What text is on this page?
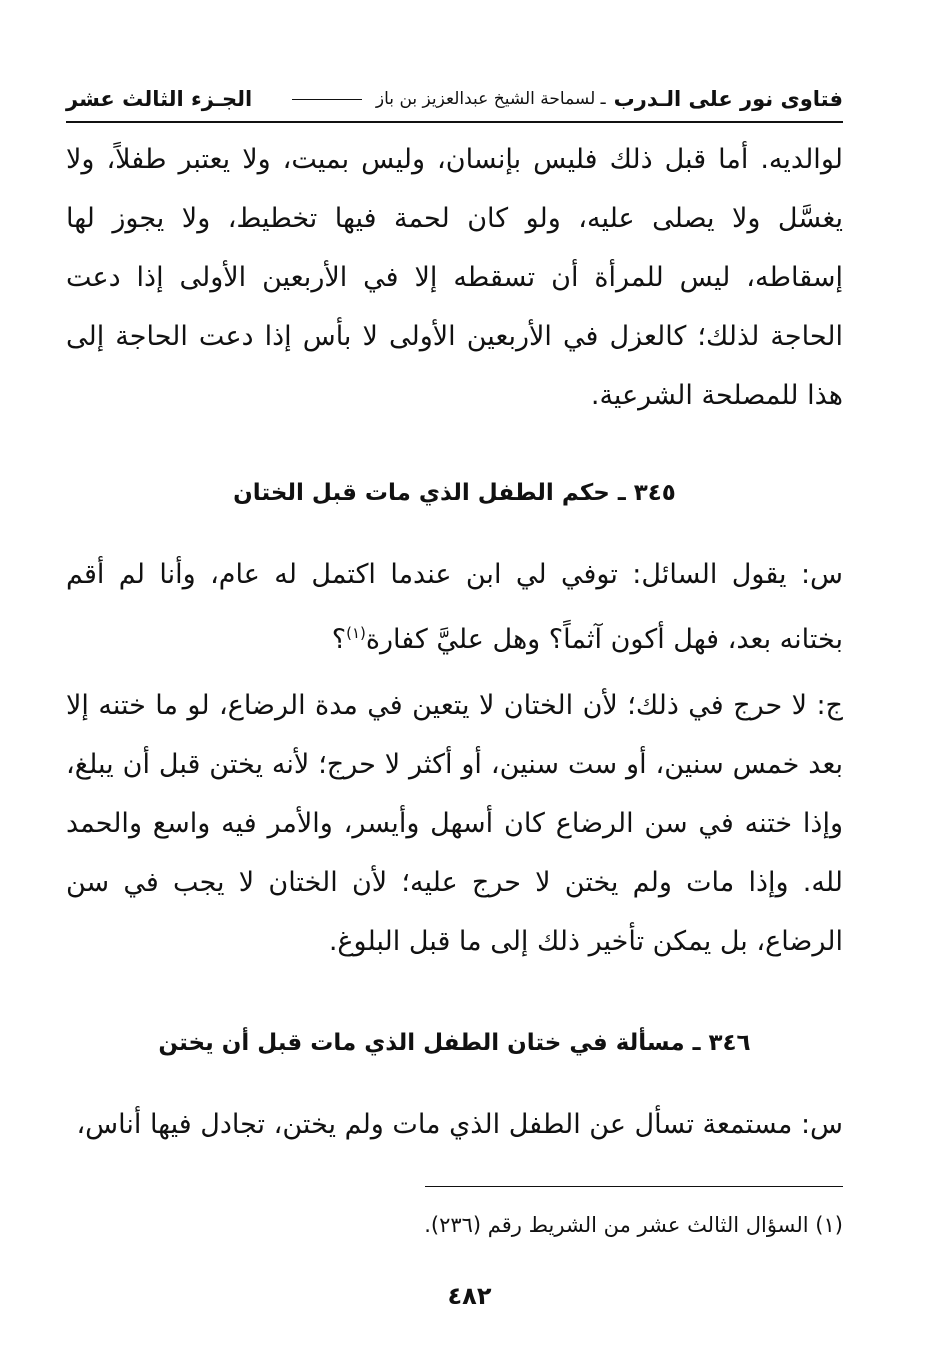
فتاوى نور على الـدرب
ـ لسماحة الشيخ عبدالعزيز بن باز
الجـزء الثالث عشر

لوالديه. أما قبل ذلك فليس بإنسان، وليس بميت، ولا يعتبر طفلاً، ولا يغسَّل ولا يصلى عليه، ولو كان لحمة فيها تخطيط، ولا يجوز لها إسقاطه، ليس للمرأة أن تسقطه إلا في الأربعين الأولى إذا دعت الحاجة لذلك؛ كالعزل في الأربعين الأولى لا بأس إذا دعت الحاجة إلى هذا للمصلحة الشرعية.

٣٤٥ ـ حكم الطفل الذي مات قبل الختان

س: يقول السائل: توفي لي ابن عندما اكتمل له عام، وأنا لم أقم بختانه بعد، فهل أكون آثماً؟ وهل عليَّ كفارة$^{(١)}$؟

ج: لا حرج في ذلك؛ لأن الختان لا يتعين في مدة الرضاع، لو ما ختنه إلا بعد خمس سنين، أو ست سنين، أو أكثر لا حرج؛ لأنه يختن قبل أن يبلغ، وإذا ختنه في سن الرضاع كان أسهل وأيسر، والأمر فيه واسع والحمد لله. وإذا مات ولم يختن لا حرج عليه؛ لأن الختان لا يجب في سن الرضاع، بل يمكن تأخير ذلك إلى ما قبل البلوغ.

٣٤٦ ـ مسألة في ختان الطفل الذي مات قبل أن يختن

س: مستمعة تسأل عن الطفل الذي مات ولم يختن، تجادل فيها أناس،

(١) السؤال الثالث عشر من الشريط رقم (٢٣٦).
٤٨٢
